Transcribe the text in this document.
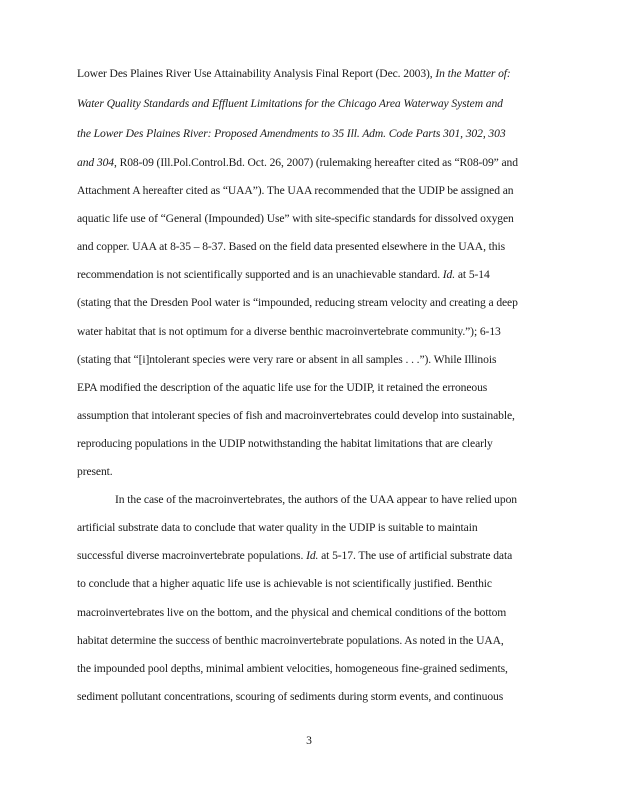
Lower Des Plaines River Use Attainability Analysis Final Report (Dec. 2003), In the Matter of:
Water Quality Standards and Effluent Limitations for the Chicago Area Waterway System and
the Lower Des Plaines River: Proposed Amendments to 35 Ill. Adm. Code Parts 301, 302, 303
and 304, R08-09 (Ill.Pol.Control.Bd. Oct. 26, 2007) (rulemaking hereafter cited as “R08-09” and
Attachment A hereafter cited as “UAA”). The UAA recommended that the UDIP be assigned an
aquatic life use of “General (Impounded) Use” with site-specific standards for dissolved oxygen
and copper. UAA at 8-35 – 8-37. Based on the field data presented elsewhere in the UAA, this
recommendation is not scientifically supported and is an unachievable standard. Id. at 5-14
(stating that the Dresden Pool water is “impounded, reducing stream velocity and creating a deep
water habitat that is not optimum for a diverse benthic macroinvertebrate community.”); 6-13
(stating that “[i]ntolerant species were very rare or absent in all samples . . .”). While Illinois
EPA modified the description of the aquatic life use for the UDIP, it retained the erroneous
assumption that intolerant species of fish and macroinvertebrates could develop into sustainable,
reproducing populations in the UDIP notwithstanding the habitat limitations that are clearly
present.
In the case of the macroinvertebrates, the authors of the UAA appear to have relied upon
artificial substrate data to conclude that water quality in the UDIP is suitable to maintain
successful diverse macroinvertebrate populations. Id. at 5-17. The use of artificial substrate data
to conclude that a higher aquatic life use is achievable is not scientifically justified. Benthic
macroinvertebrates live on the bottom, and the physical and chemical conditions of the bottom
habitat determine the success of benthic macroinvertebrate populations. As noted in the UAA,
the impounded pool depths, minimal ambient velocities, homogeneous fine-grained sediments,
sediment pollutant concentrations, scouring of sediments during storm events, and continuous
3
